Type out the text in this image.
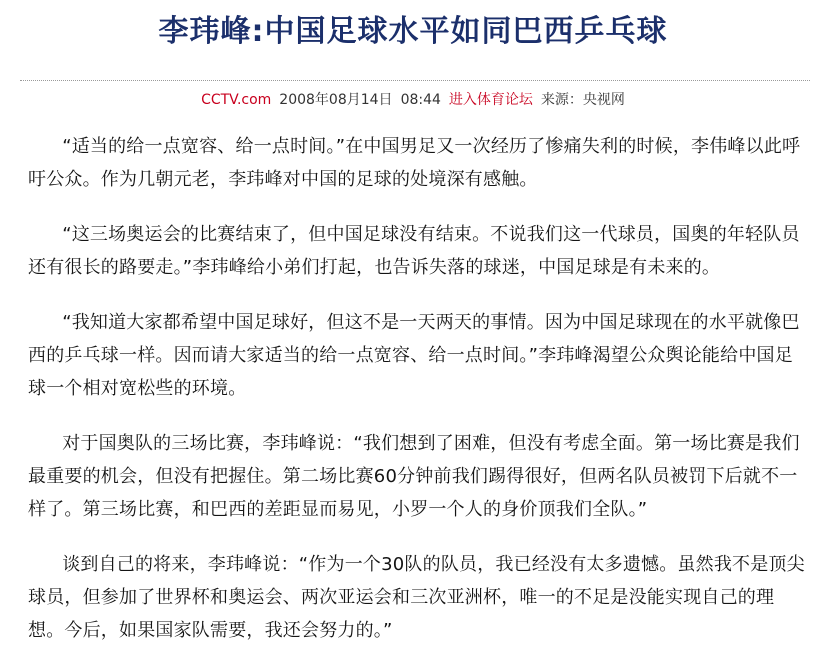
李玮峰:中国足球水平如同巴西乒乓球
CCTV.com 2008年08月14日 08:44 进入体育论坛 来源：央视网

“适当的给一点宽容、给一点时间。”在中国男足又一次经历了惨痛失利的时候，李伟峰以此呼吁公众。作为几朝元老，李玮峰对中国的足球的处境深有感触。

“这三场奥运会的比赛结束了，但中国足球没有结束。不说我们这一代球员，国奥的年轻队员还有很长的路要走。”李玮峰给小弟们打起，也告诉失落的球迷，中国足球是有未来的。

“我知道大家都希望中国足球好，但这不是一天两天的事情。因为中国足球现在的水平就像巴西的乒乓球一样。因而请大家适当的给一点宽容、给一点时间。”李玮峰渴望公众舆论能给中国足球一个相对宽松些的环境。

对于国奥队的三场比赛，李玮峰说：“我们想到了困难，但没有考虑全面。第一场比赛是我们最重要的机会，但没有把握住。第二场比赛60分钟前我们踢得很好，但两名队员被罚下后就不一样了。第三场比赛，和巴西的差距显而易见，小罗一个人的身价顶我们全队。”

谈到自己的将来，李玮峰说：“作为一个30队的队员，我已经没有太多遗憾。虽然我不是顶尖球员，但参加了世界杯和奥运会、两次亚运会和三次亚洲杯，唯一的不足是没能实现自己的理想。今后，如果国家队需要，我还会努力的。”
